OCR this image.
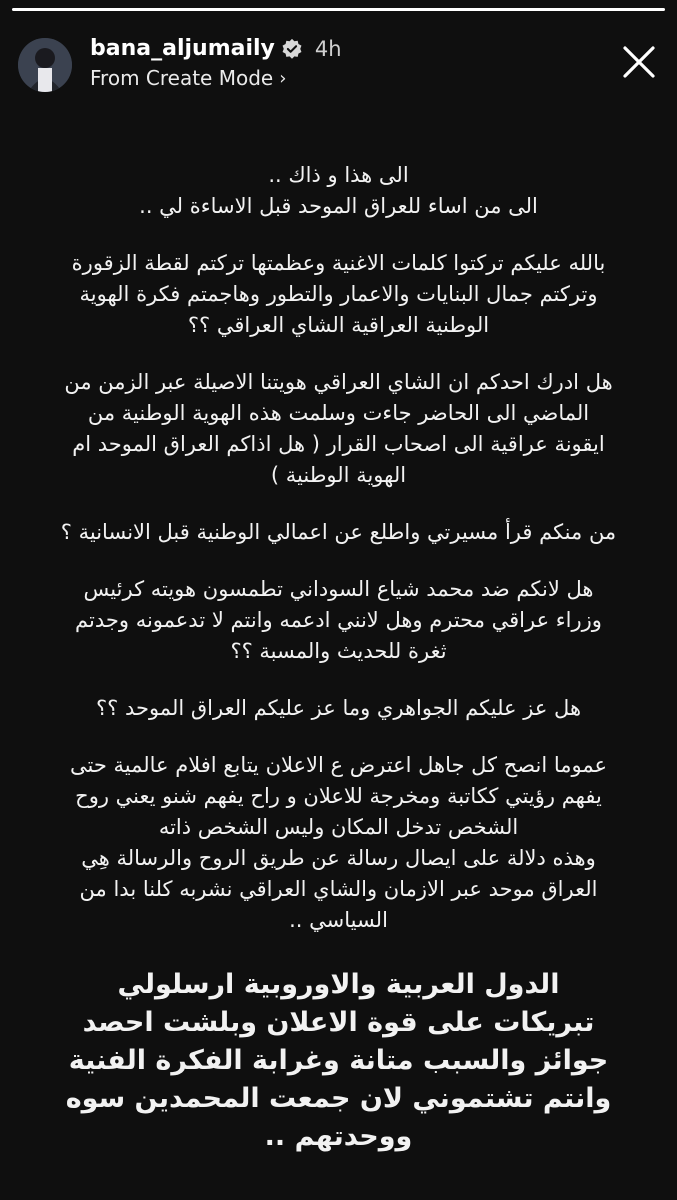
bana_aljumaily 4h
From Create Mode ›
الى هذا و ذاك ..
الى من اساء للعراق الموحد قبل الاساءة لي ..
بالله عليكم تركتوا كلمات الاغنية وعظمتها تركتم لقطة الزقورة
وتركتم جمال البنايات والاعمار والتطور وهاجمتم فكرة الهوية
الوطنية العراقية الشاي العراقي ؟؟
هل ادرك احدكم ان الشاي العراقي هويتنا الاصيلة عبر الزمن من
الماضي الى الحاضر جاءت وسلمت هذه الهوية الوطنية من
ايقونة عراقية الى اصحاب القرار ( هل اذاكم العراق الموحد ام
الهوية الوطنية )
من منكم قرأ مسيرتي واطلع عن اعمالي الوطنية قبل الانسانية ؟
هل لانكم ضد محمد شياع السوداني تطمسون هويته كرئيس
وزراء عراقي محترم وهل لانني ادعمه وانتم لا تدعمونه وجدتم
ثغرة للحديث والمسبة ؟؟
هل عز عليكم الجواهري وما عز عليكم العراق الموحد ؟؟
عموما انصح كل جاهل اعترض ع الاعلان يتابع افلام عالمية حتى
يفهم رؤيتي ككاتبة ومخرجة للاعلان و راح يفهم شنو يعني روح
الشخص تدخل المكان وليس الشخص ذاته
وهذه دلالة على ايصال رسالة عن طريق الروح والرسالة هِي
العراق موحد عبر الازمان والشاي العراقي نشربه كلنا بدا من
السياسي ..
الدول العربية والاوروبية ارسلولي
تبريكات على قوة الاعلان وبلشت احصد
جوائز والسبب متانة وغرابة الفكرة الفنية
وانتم تشتموني لان جمعت المحمدين سوه
ووحدتهم ..
